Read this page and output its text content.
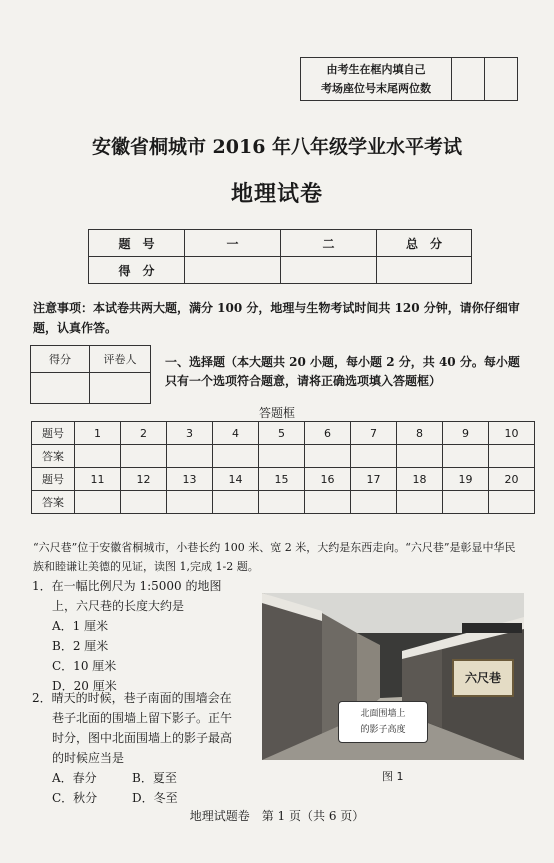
由考生在框内填自己
考场座位号末尾两位数

安徽省桐城市 2016 年八年级学业水平考试
地理试卷
题　号	一	二	总　分
得　分			
注意事项：本试卷共两大题，满分 100 分，地理与生物考试时间共 120 分钟，请你仔细审题，认真作答。
得分	评卷人
	一、选择题（本大题共 20 小题，每小题 2 分，共 40 分。每小题只有一个选项符合题意，请将正确选项填入答题框）
答题框
题号	1	2	3	4	5	6	7	8	9	10
答案										
题号	11	12	13	14	15	16	17	18	19	20
答案										
“六尺巷”位于安徽省桐城市，小巷长约 100 米、宽 2 米，大约是东西走向。“六尺巷”是彰显中华民族和睦谦让美德的见证，读图 1,完成 1-2 题。
1．在一幅比例尺为 1:5000 的地图
上，六尺巷的长度大约是
A．1 厘米
B．2 厘米
C．10 厘米
D．20 厘米
2．晴天的时候，巷子南面的围墙会在
巷子北面的围墙上留下影子。正午
时分，图中北面围墙上的影子最高
的时候应当是
A．春分	B．夏至
C．秋分	D．冬至
六尺巷
北面围墙上
的影子高度
图 1
地理试题卷　第 1 页（共 6 页）
